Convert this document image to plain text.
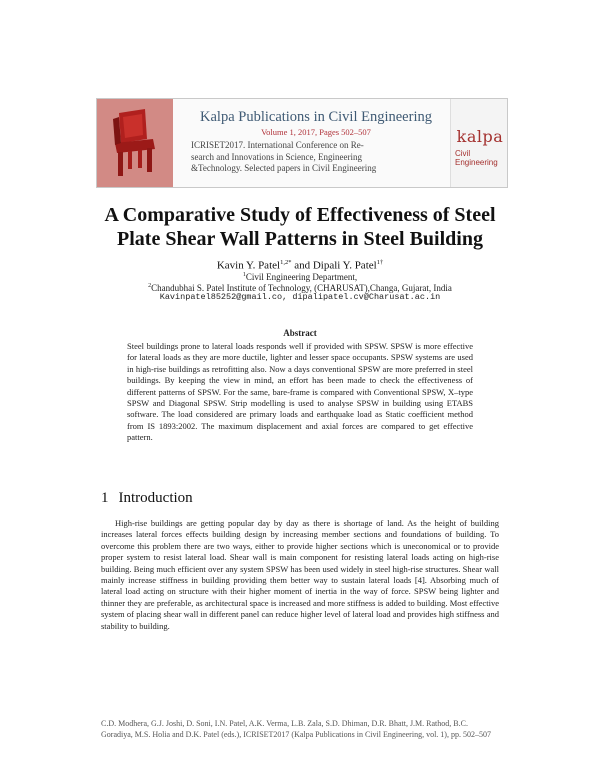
Kalpa Publications in Civil Engineering

Volume 1, 2017, Pages 502–507

ICRISET2017. International Conference on Re-

search and Innovations in Science, Engineering

&Technology. Selected papers in Civil Engineering

kalpa
Civil
Engineering
A Comparative Study of Effectiveness of Steel
Plate Shear Wall Patterns in Steel Building

Kavin Y. Patel$^{1,2*}$ and Dipali Y. Patel$^{1\dagger}$

$^1$Civil Engineering Department,

$^2$Chandubhai S. Patel Institute of Technology, (CHARUSAT),Changa, Gujarat, India

Kavinpatel85252@gmail.co, dipalipatel.cv@Charusat.ac.in

Abstract

Steel buildings prone to lateral loads responds well if provided with SPSW. SPSW is more effective for lateral loads as they are more ductile, lighter and lesser space occupants. SPSW systems are used in high-rise buildings as retrofitting also. Now a days conventional SPSW are more preferred in steel buildings. By keeping the view in mind, an effort has been made to check the effectiveness of different patterns of SPSW. For the same, bare-frame is compared with Conventional SPSW, X–type SPSW and Diagonal SPSW. Strip modelling is used to analyse SPSW in building using ETABS software. The load considered are primary loads and earthquake load as Static coefficient method from IS 1893:2002. The maximum displacement and axial forces are compared to get effective pattern.

1 Introduction

High-rise buildings are getting popular day by day as there is shortage of land. As the height of building increases lateral forces effects building design by increasing member sections and foundations of building. To overcome this problem there are two ways, either to provide higher sections which is uneconomical or to provide proper system to resist lateral load. Shear wall is main component for resisting lateral loads acting on high-rise building. Being much efficient over any system SPSW has been used widely in steel high-rise structures. Shear wall mainly increase stiffness in building providing them better way to sustain lateral loads [4]. Absorbing much of lateral load acting on structure with their higher moment of inertia in the way of force. SPSW being lighter and thinner they are preferable, as architectural space is increased and more stiffness is added to building. Most effective system of placing shear wall in different panel can reduce higher level of lateral load and provides high stiffness and stability to building.

C.D. Modhera, G.J. Joshi, D. Soni, I.N. Patel, A.K. Verma, L.B. Zala, S.D. Dhiman, D.R. Bhatt, J.M. Rathod, B.C. Goradiya, M.S. Holia and D.K. Patel (eds.), ICRISET2017 (Kalpa Publications in Civil Engineering, vol. 1), pp. 502–507
